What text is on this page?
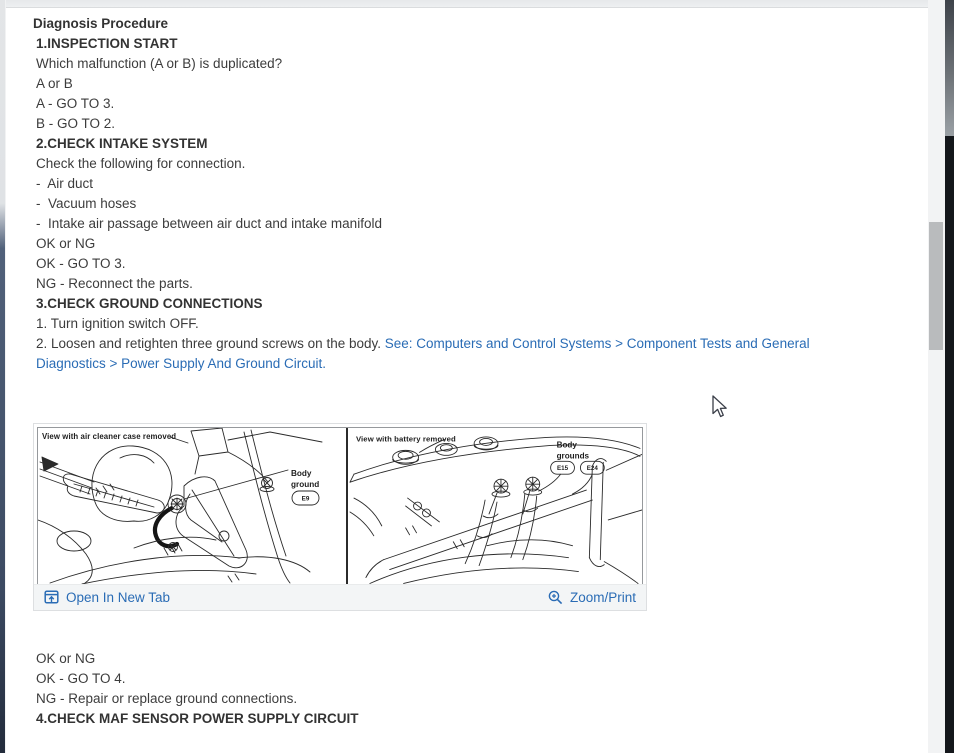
Diagnosis Procedure
1.INSPECTION START
Which malfunction (A or B) is duplicated?
A or B
A - GO TO 3.
B - GO TO 2.
2.CHECK INTAKE SYSTEM
Check the following for connection.
-  Air duct
-  Vacuum hoses
-  Intake air passage between air duct and intake manifold
OK or NG
OK - GO TO 3.
NG - Reconnect the parts.
3.CHECK GROUND CONNECTIONS
1. Turn ignition switch OFF.
2. Loosen and retighten three ground screws on the body. See: Computers and Control Systems > Component Tests and General Diagnostics > Power Supply And Ground Circuit.
View with air cleaner case removed
Body
ground
E9
View with battery removed
Body
grounds
E15	E24
Open In New Tab	Zoom/Print
OK or NG
OK - GO TO 4.
NG - Repair or replace ground connections.
4.CHECK MAF SENSOR POWER SUPPLY CIRCUIT
